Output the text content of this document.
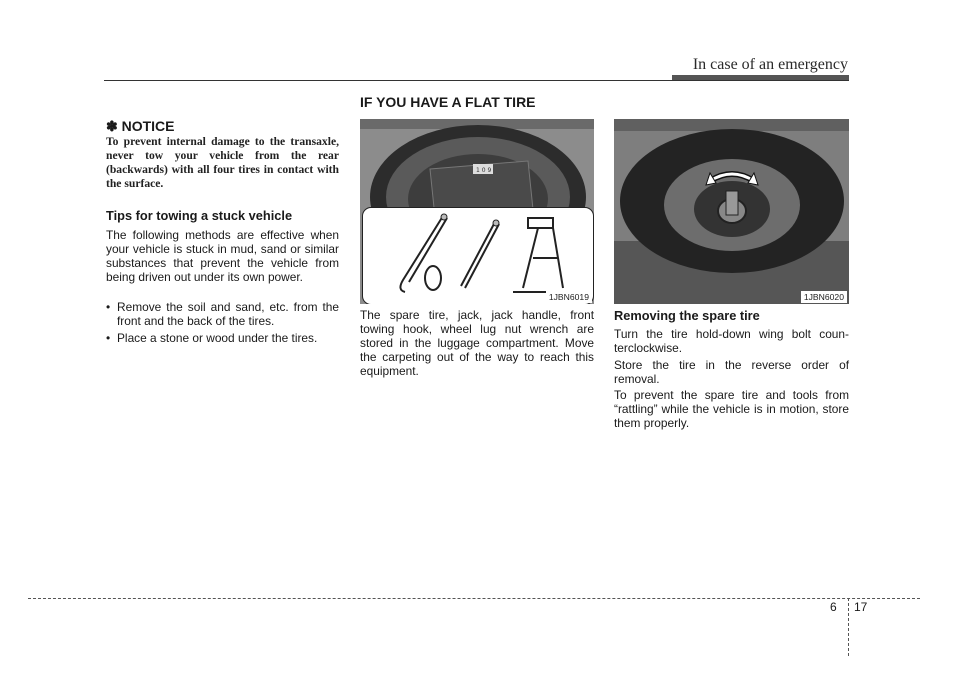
In case of an emergency
✽ NOTICE
To prevent internal damage to the transaxle, never tow your vehicle from the rear (backwards) with all four tires in contact with the surface.
Tips for towing a stuck vehicle
The following methods are effective when your vehicle is stuck in mud, sand or similar substances that prevent the vehicle from being driven out under its own power.
• Remove the soil and sand, etc. from the front and the back of the tires.
• Place a stone or wood under the tires.
IF YOU HAVE A FLAT TIRE
1 0 9
1JBN6019
The spare tire, jack, jack handle, front towing hook, wheel lug nut wrench are stored in the luggage compartment. Move the carpeting out of the way to reach this equipment.
1JBN6020
Removing the spare tire
Turn the tire hold-down wing bolt coun-terclockwise.
Store the tire in the reverse order of removal.
To prevent the spare tire and tools from “rattling” while the vehicle is in motion, store them properly.
6 17
